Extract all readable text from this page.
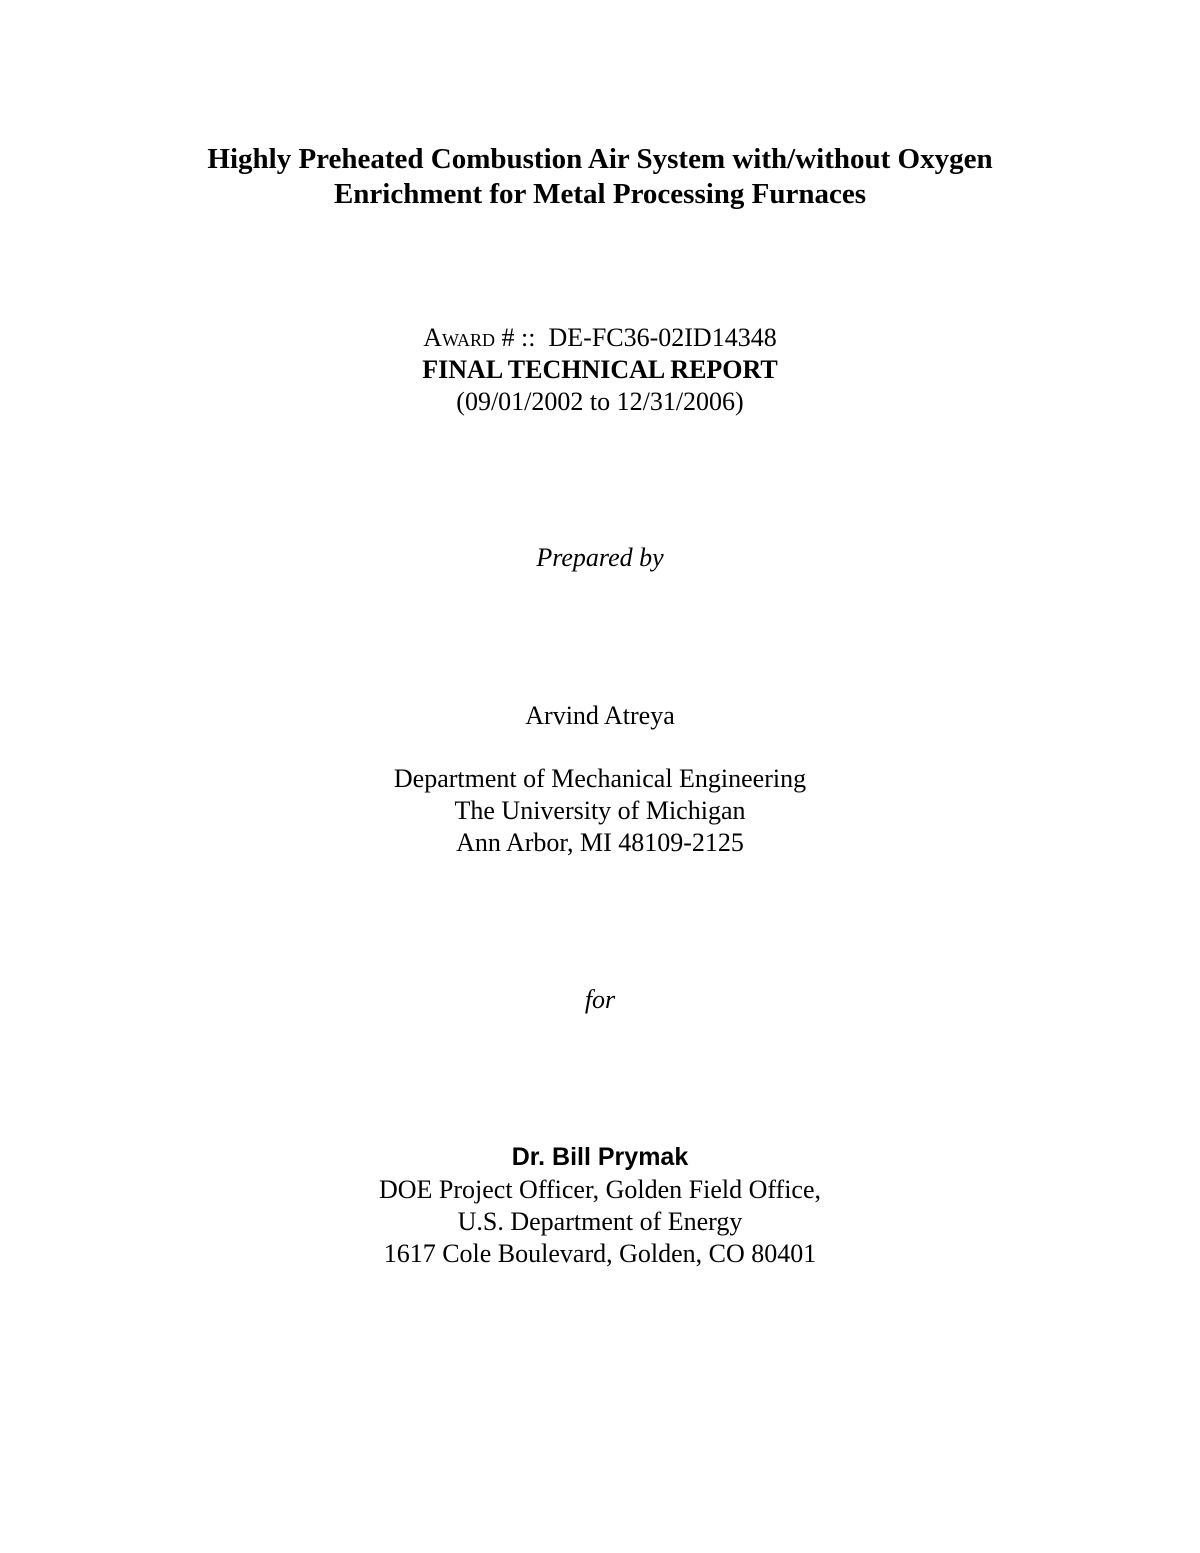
Highly Preheated Combustion Air System with/without Oxygen
Enrichment for Metal Processing Furnaces
Award # :: DE-FC36-02ID14348
FINAL TECHNICAL REPORT
(09/01/2002 to 12/31/2006)
Prepared by
Arvind Atreya
Department of Mechanical Engineering
The University of Michigan
Ann Arbor, MI 48109-2125
for
Dr. Bill Prymak
DOE Project Officer, Golden Field Office,
U.S. Department of Energy
1617 Cole Boulevard, Golden, CO 80401
